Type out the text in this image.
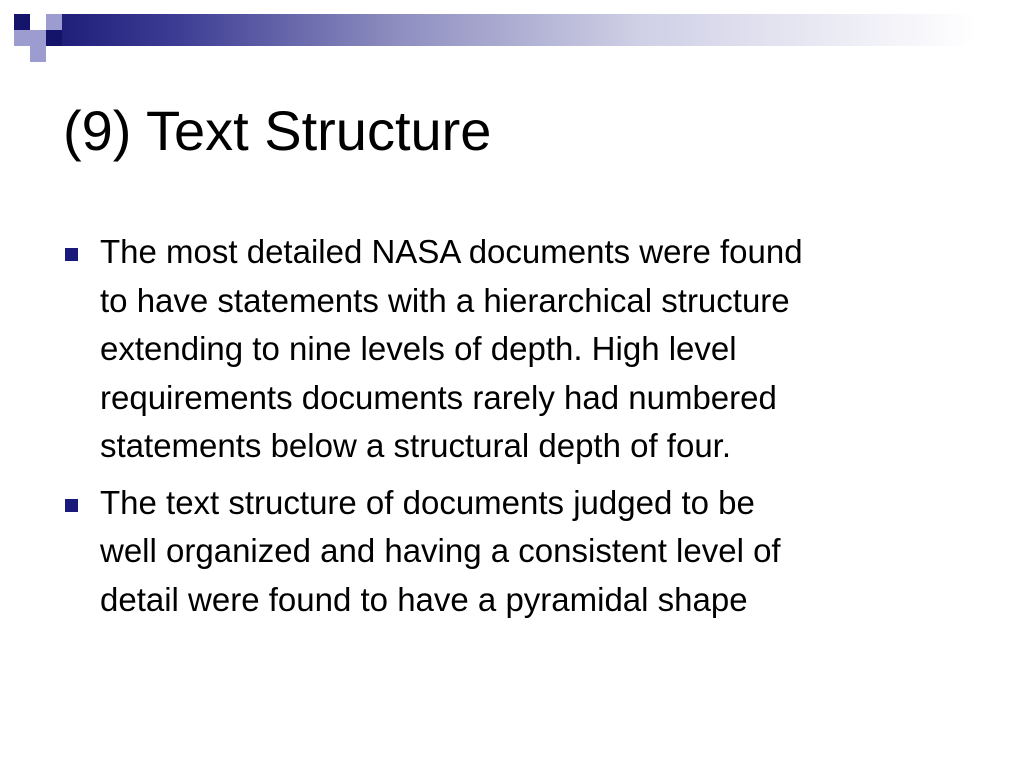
(9) Text Structure
The most detailed NASA documents were found
to have statements with a hierarchical structure
extending to nine levels of depth. High level
requirements documents rarely had numbered
statements below a structural depth of four.
The text structure of documents judged to be
well organized and having a consistent level of
detail were found to have a pyramidal shape
